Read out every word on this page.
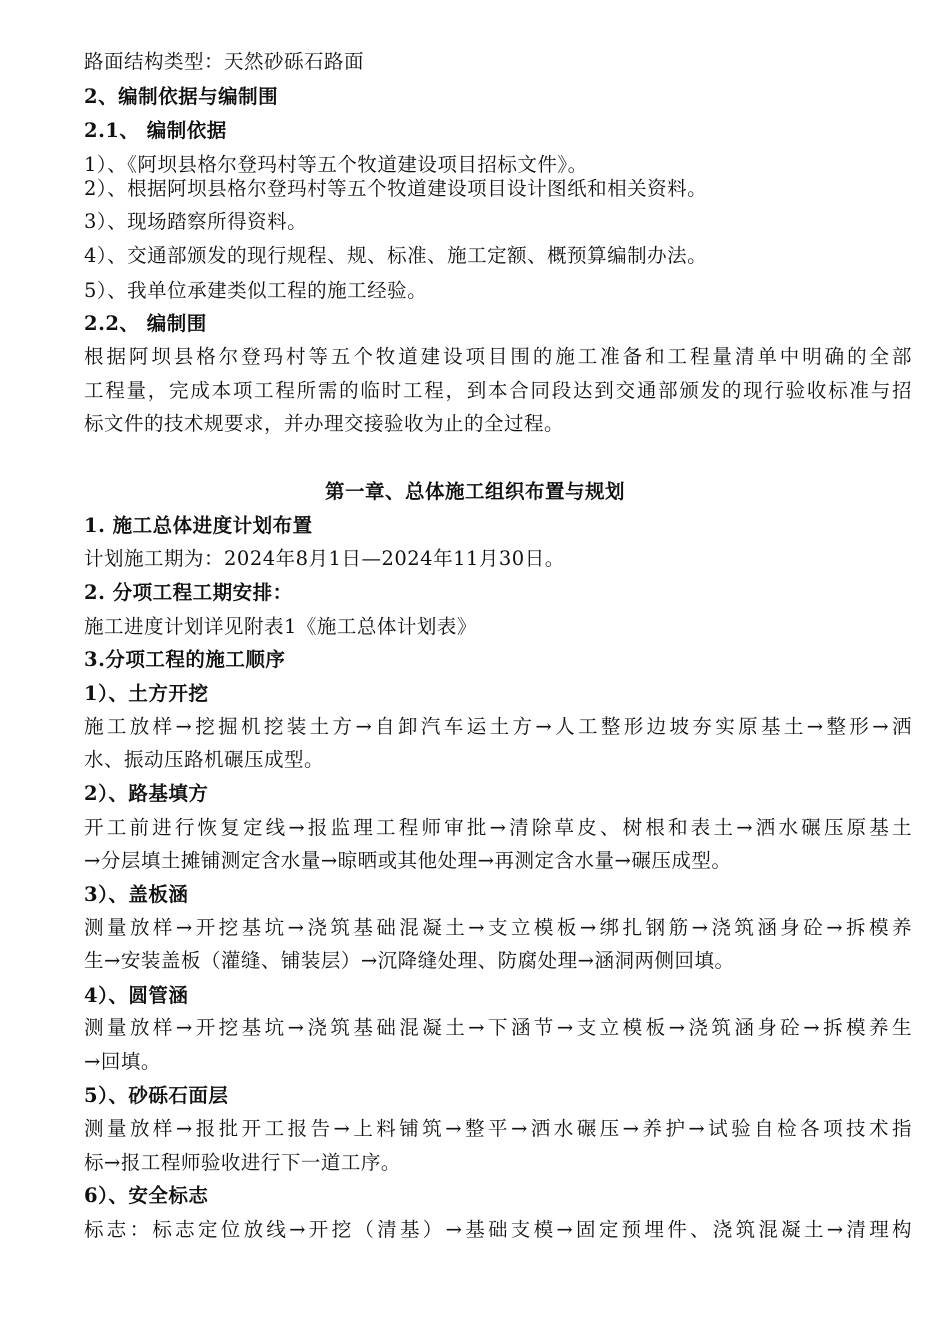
路面结构类型：天然砂砾石路面
2、编制依据与编制围
2.1、 编制依据
1）、《阿坝县格尔登玛村等五个牧道建设项目招标文件》。
2）、根据阿坝县格尔登玛村等五个牧道建设项目设计图纸和相关资料。
3）、现场踏察所得资料。
4）、交通部颁发的现行规程、规、标准、施工定额、概预算编制办法。
5）、我单位承建类似工程的施工经验。
2.2、 编制围
根据阿坝县格尔登玛村等五个牧道建设项目围的施工准备和工程量清单中明确的全部
工程量，完成本项工程所需的临时工程，到本合同段达到交通部颁发的现行验收标准与招
标文件的技术规要求，并办理交接验收为止的全过程。
第一章、总体施工组织布置与规划
1. 施工总体进度计划布置
计划施工期为：2024年8月1日—2024年11月30日。
2. 分项工程工期安排：
施工进度计划详见附表1《施工总体计划表》
3.分项工程的施工顺序
1）、土方开挖
施工放样→挖掘机挖装土方→自卸汽车运土方→人工整形边坡夯实原基土→整形→洒
水、振动压路机碾压成型。
2）、路基填方
开工前进行恢复定线→报监理工程师审批→清除草皮、树根和表土→洒水碾压原基土
→分层填土摊铺测定含水量→晾晒或其他处理→再测定含水量→碾压成型。
3）、盖板涵
测量放样→开挖基坑→浇筑基础混凝土→支立模板→绑扎钢筋→浇筑涵身砼→拆模养
生→安装盖板（灌缝、铺装层）→沉降缝处理、防腐处理→涵洞两侧回填。
4）、圆管涵
测量放样→开挖基坑→浇筑基础混凝土→下涵节→支立模板→浇筑涵身砼→拆模养生
→回填。
5）、砂砾石面层
测量放样→报批开工报告→上料铺筑→整平→洒水碾压→养护→试验自检各项技术指
标→报工程师验收进行下一道工序。
6）、安全标志
标志：标志定位放线→开挖（清基）→基础支模→固定预埋件、浇筑混凝土→清理构
